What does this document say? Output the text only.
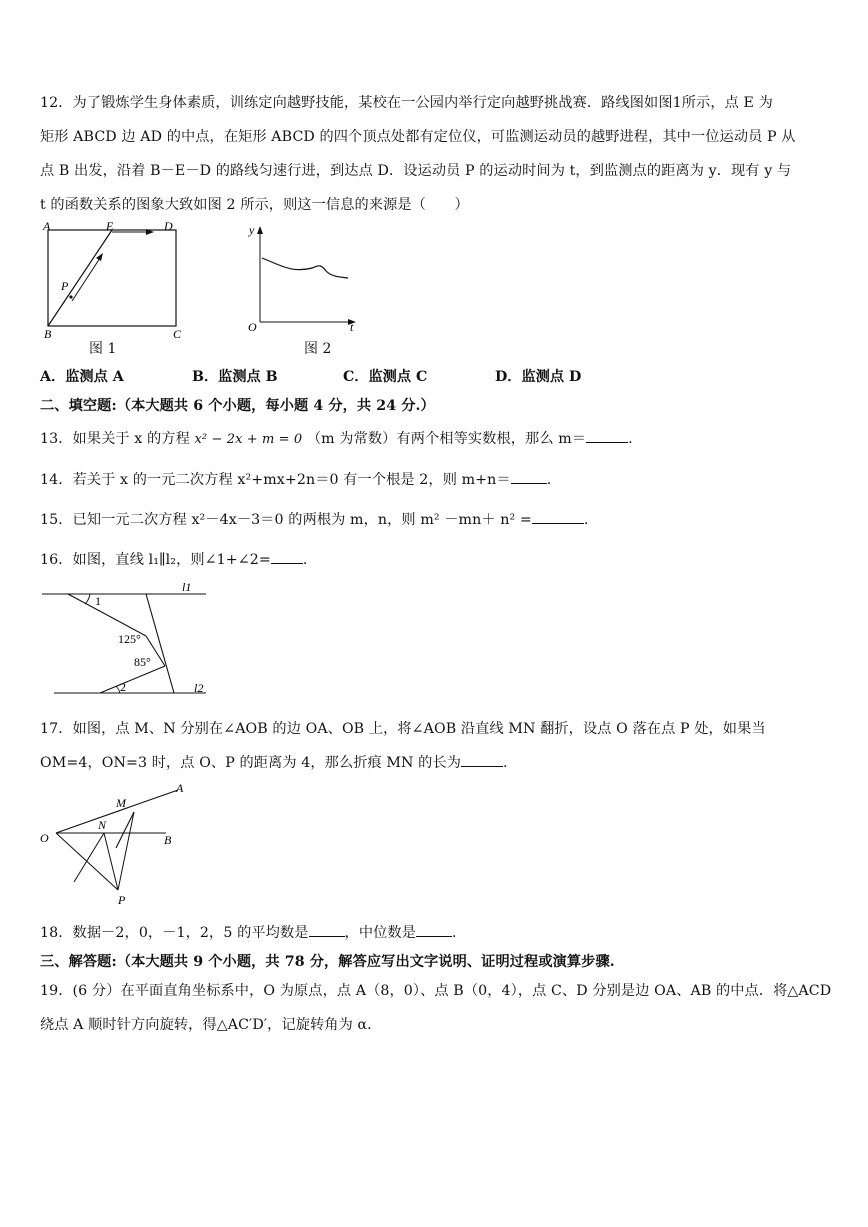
12．为了锻炼学生身体素质，训练定向越野技能，某校在一公园内举行定向越野挑战赛．路线图如图1所示，点 E 为
矩形 ABCD 边 AD 的中点，在矩形 ABCD 的四个顶点处都有定位仪，可监测运动员的越野进程，其中一位运动员 P 从
点 B 出发，沿着 B－E－D 的路线匀速行进，到达点 D．设运动员 P 的运动时间为 t，到监测点的距离为 y．现有 y 与
t 的函数关系的图象大致如图 2 所示，则这一信息的来源是（　　）
A	E	D
P
B	C
图 1
y
O	t
图 2
A．监测点 A	B．监测点 B	C．监测点 C	D．监测点 D
二、填空题:（本大题共 6 个小题，每小题 4 分，共 24 分.）
13．如果关于 x 的方程 x² − 2x + m = 0 （m 为常数）有两个相等实数根，那么 m＝	.
14．若关于 x 的一元二次方程 x²+mx+2n＝0 有一个根是 2，则 m+n＝	.
15．已知一元二次方程 x²－4x－3＝0 的两根为 m，n，则 m² －mn＋ n² =	.
16．如图，直线 l₁∥l₂，则∠1+∠2= .
l1
l2
1
125°
85°
2
17．如图，点 M、N 分别在∠AOB 的边 OA、OB 上，将∠AOB 沿直线 MN 翻折，设点 O 落在点 P 处，如果当
OM=4，ON=3 时，点 O、P 的距离为 4，那么折痕 MN 的长为	.
A
M
N
O	B
P
18．数据－2，0，－1，2，5 的平均数是	，中位数是	.
三、解答题:（本大题共 9 个小题，共 78 分，解答应写出文字说明、证明过程或演算步骤.
19．(6 分）在平面直角坐标系中，O 为原点，点 A（8，0）、点 B（0，4），点 C、D 分别是边 OA、AB 的中点．将△ACD
绕点 A 顺时针方向旋转，得△AC′D′，记旋转角为 α．
